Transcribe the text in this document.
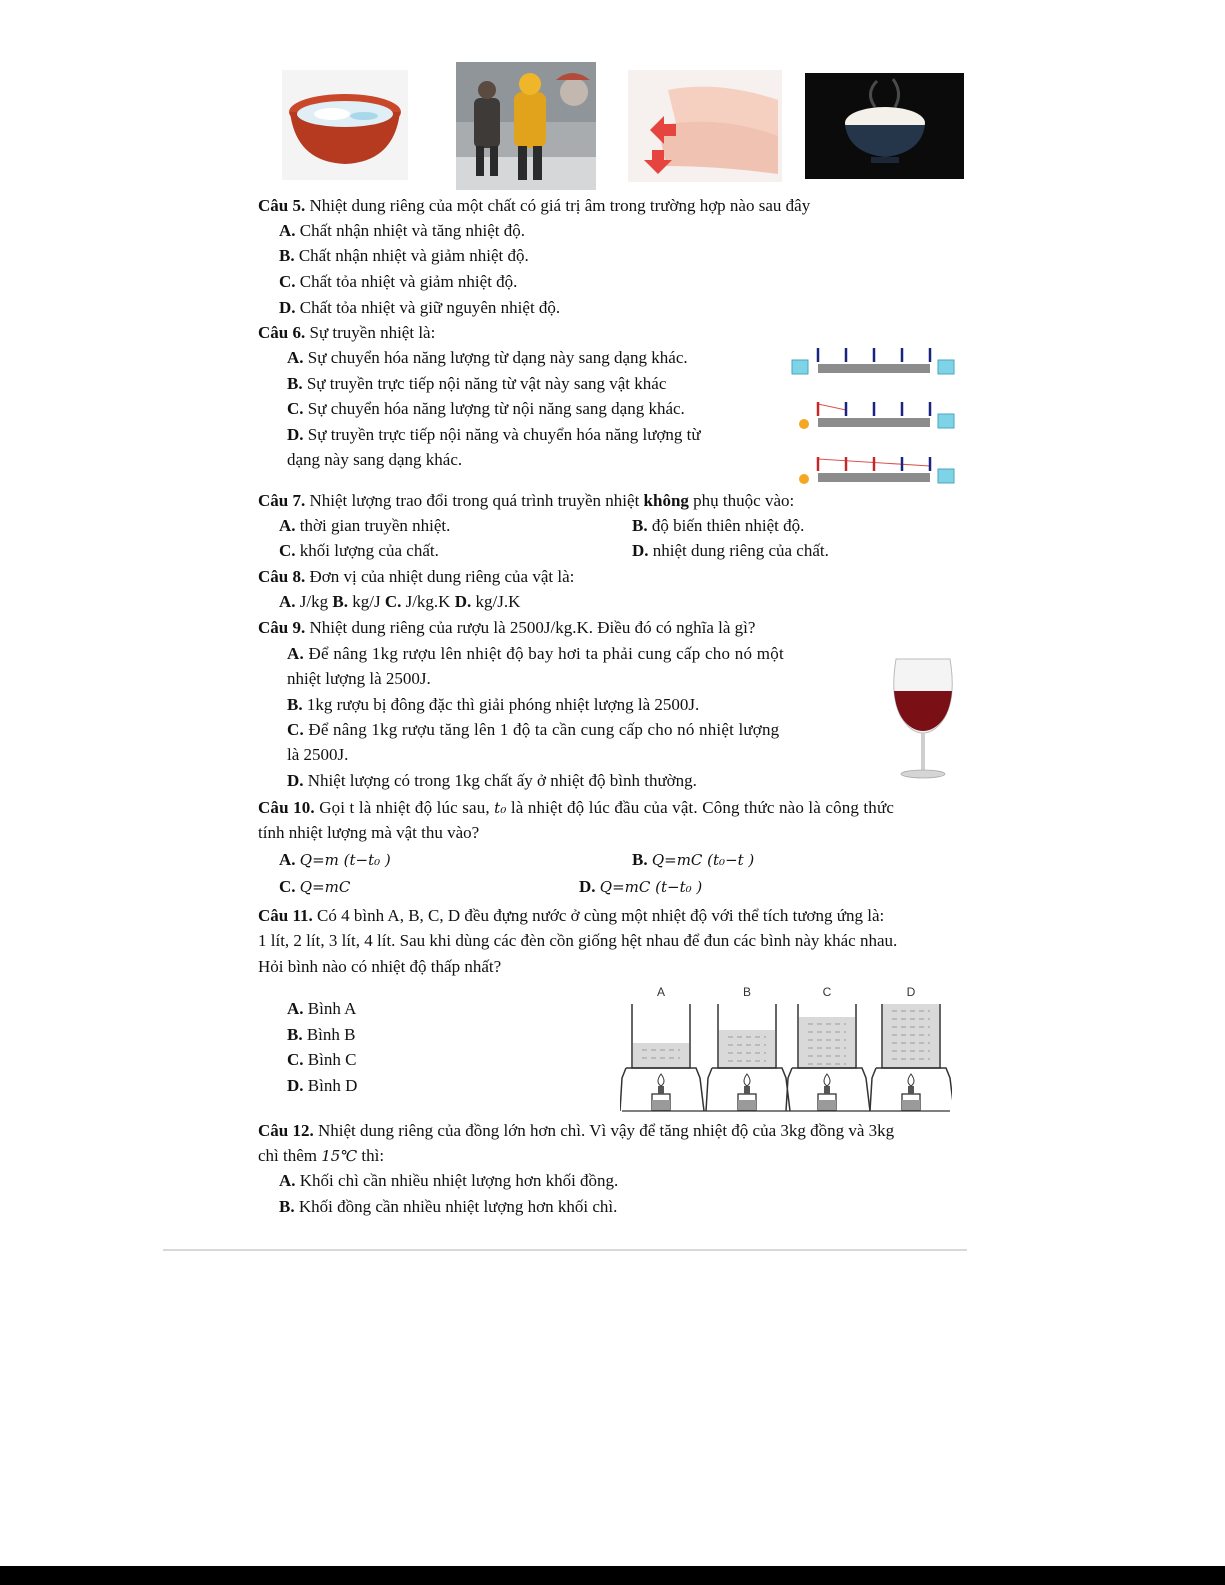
Câu 5. Nhiệt dung riêng của một chất có giá trị âm trong trường hợp nào sau đây
A. Chất nhận nhiệt và tăng nhiệt độ.
B. Chất nhận nhiệt và giảm nhiệt độ.
C. Chất tỏa nhiệt và giảm nhiệt độ.
D. Chất tỏa nhiệt và giữ nguyên nhiệt độ.
Câu 6. Sự truyền nhiệt là:
A. Sự chuyển hóa năng lượng từ dạng này sang dạng khác.
B. Sự truyền trực tiếp nội năng từ vật này sang vật khác
C. Sự chuyển hóa năng lượng từ nội năng sang dạng khác.
D. Sự truyền trực tiếp nội năng và chuyển hóa năng lượng từ
dạng này sang dạng khác.
Câu 7. Nhiệt lượng trao đổi trong quá trình truyền nhiệt không phụ thuộc vào:
A. thời gian truyền nhiệt.	B. độ biến thiên nhiệt độ.
C. khối lượng của chất.	D. nhiệt dung riêng của chất.
Câu 8. Đơn vị của nhiệt dung riêng của vật là:
A. J/kg B. kg/J C. J/kg.K D. kg/J.K
Câu 9. Nhiệt dung riêng của rượu là 2500J/kg.K. Điều đó có nghĩa là gì?
A. Để nâng 1kg rượu lên nhiệt độ bay hơi ta phải cung cấp cho nó một
nhiệt lượng là 2500J.
B. 1kg rượu bị đông đặc thì giải phóng nhiệt lượng là 2500J.
C. Để nâng 1kg rượu tăng lên 1 độ ta cần cung cấp cho nó nhiệt lượng
là 2500J.
D. Nhiệt lượng có trong 1kg chất ấy ở nhiệt độ bình thường.
Câu 10. Gọi t là nhiệt độ lúc sau, t₀ là nhiệt độ lúc đầu của vật. Công thức nào là công thức
tính nhiệt lượng mà vật thu vào?
A. Q=m (t−t₀ )	B. Q=mC (t₀−t )
C. Q=mC	D. Q=mC (t−t₀ )
Câu 11. Có 4 bình A, B, C, D đều đựng nước ở cùng một nhiệt độ với thể tích tương ứng là:
1 lít, 2 lít, 3 lít, 4 lít. Sau khi dùng các đèn cồn giống hệt nhau để đun các bình này khác nhau.
Hỏi bình nào có nhiệt độ thấp nhất?
A. Bình A
B. Bình B
C. Bình C
D. Bình D
A	B	C	D
Câu 12. Nhiệt dung riêng của đồng lớn hơn chì. Vì vậy để tăng nhiệt độ của 3kg đồng và 3kg
chì thêm 15℃ thì:
A. Khối chì cần nhiều nhiệt lượng hơn khối đồng.
B. Khối đồng cần nhiều nhiệt lượng hơn khối chì.
